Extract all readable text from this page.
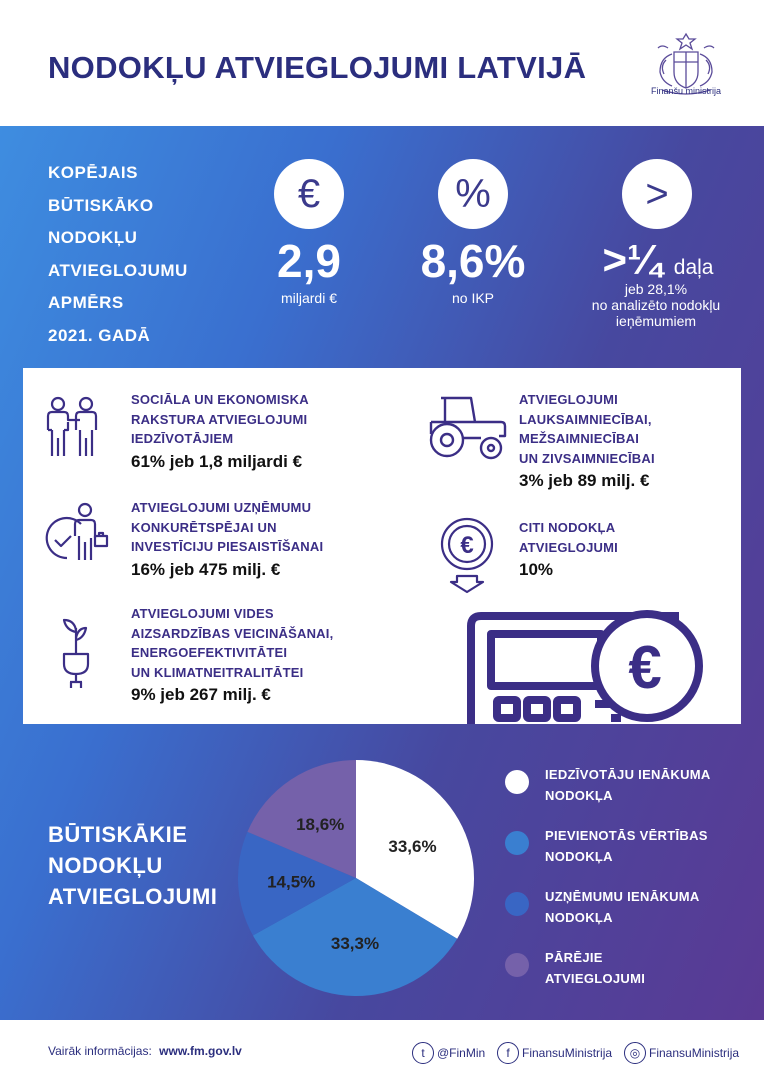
NODOKĻU ATVIEGLOJUMI LATVIJĀ
Finanšu ministrija
KOPĒJAIS
BŪTISKĀKO
NODOKĻU
ATVIEGLOJUMU
APMĒRS
2021. GADĀ
€
2,9
miljardi €
%
8,6%
no IKP
>
>¼ daļa
jeb 28,1%
no analizēto nodokļu
ieņēmumiem
SOCIĀLA UN EKONOMISKA
RAKSTURA ATVIEGLOJUMI
IEDZĪVOTĀJIEM
61% jeb 1,8 miljardi €
ATVIEGLOJUMI UZŅĒMUMU
KONKURĒTSPĒJAI UN
INVESTĪCIJU PIESAISTĪŠANAI
16% jeb 475 milj. €
ATVIEGLOJUMI VIDES
AIZSARDZĪBAS VEICINĀŠANAI,
ENERGOEFEKTIVITĀTEI
UN KLIMATNEITRALITĀTEI
9% jeb 267 milj. €
ATVIEGLOJUMI
LAUKSAIMNIECĪBAI,
MEŽSAIMNIECĪBAI
UN ZIVSAIMNIECĪBAI
3% jeb 89 milj. €
€
CITI NODOKĻA
ATVIEGLOJUMI
10%
€
BŪTISKĀKIE
NODOKĻU
ATVIEGLOJUMI
33,6%
33,3%
14,5%
18,6%
IEDZĪVOTĀJU IENĀKUMA
NODOKĻA
PIEVIENOTĀS VĒRTĪBAS
NODOKĻA
UZŅĒMUMU IENĀKUMA
NODOKĻA
PĀRĒJIE
ATVIEGLOJUMI
Vairāk informācijas: www.fm.gov.lv	t	@FinMin	f	FinansuMinistrija	◎ FinansuMinistrija
